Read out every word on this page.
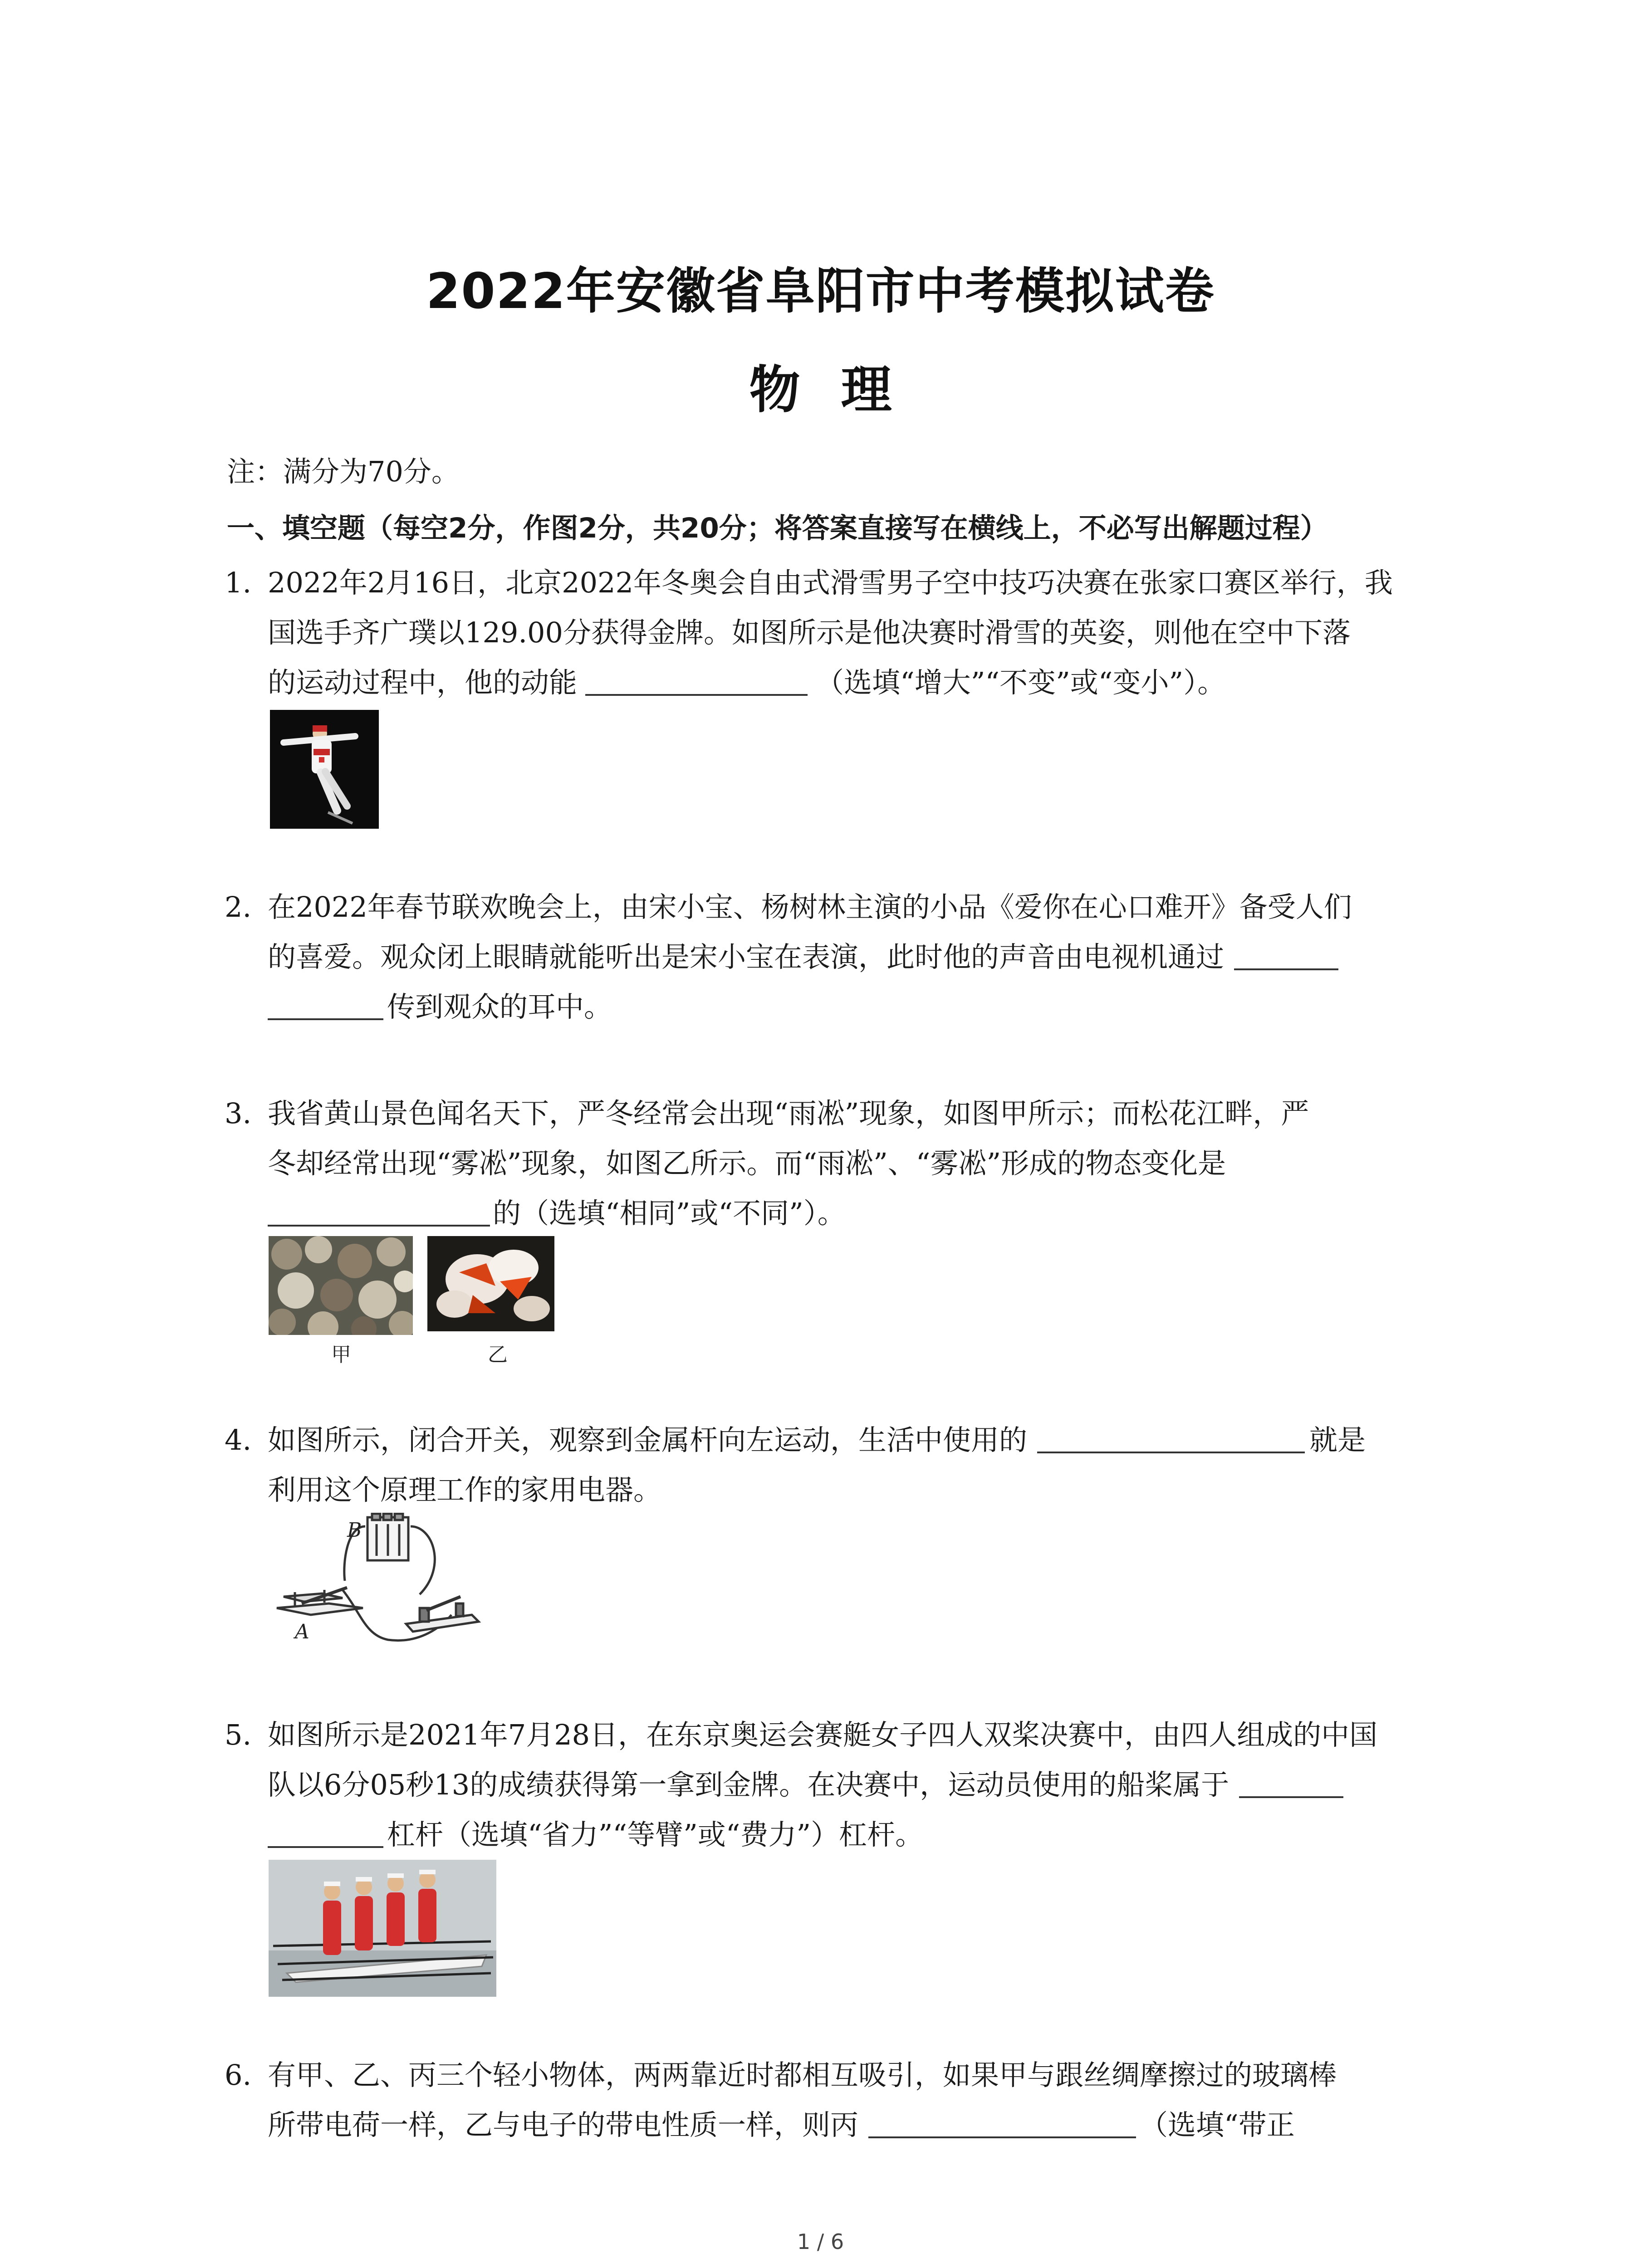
2022年安徽省阜阳市中考模拟试卷
物理
注：满分为70分。
一、填空题（每空2分，作图2分，共20分；将答案直接写在横线上，不必写出解题过程）
1. 2022年2月16日，北京2022年冬奥会自由式滑雪男子空中技巧决赛在张家口赛区举行，我
国选手齐广璞以129.00分获得金牌。如图所示是他决赛时滑雪的英姿，则他在空中下落
的运动过程中，他的动能	（选填“增大”“不变”或“变小”）。
2. 在2022年春节联欢晚会上，由宋小宝、杨树林主演的小品《爱你在心口难开》备受人们
的喜爱。观众闭上眼睛就能听出是宋小宝在表演，此时他的声音由电视机通过
传到观众的耳中。
3. 我省黄山景色闻名天下，严冬经常会出现“雨凇”现象，如图甲所示；而松花江畔，严
冬却经常出现“雾凇”现象，如图乙所示。而“雨凇”、“雾凇”形成的物态变化是
的（选填“相同”或“不同”）。
甲	乙
4. 如图所示，闭合开关，观察到金属杆向左运动，生活中使用的	就是
利用这个原理工作的家用电器。
B
A
5. 如图所示是2021年7月28日，在东京奥运会赛艇女子四人双桨决赛中，由四人组成的中国
队以6分05秒13的成绩获得第一拿到金牌。在决赛中，运动员使用的船桨属于
杠杆（选填“省力”“等臂”或“费力”）杠杆。
6. 有甲、乙、丙三个轻小物体，两两靠近时都相互吸引，如果甲与跟丝绸摩擦过的玻璃棒
所带电荷一样，乙与电子的带电性质一样，则丙	（选填“带正
1 / 6
